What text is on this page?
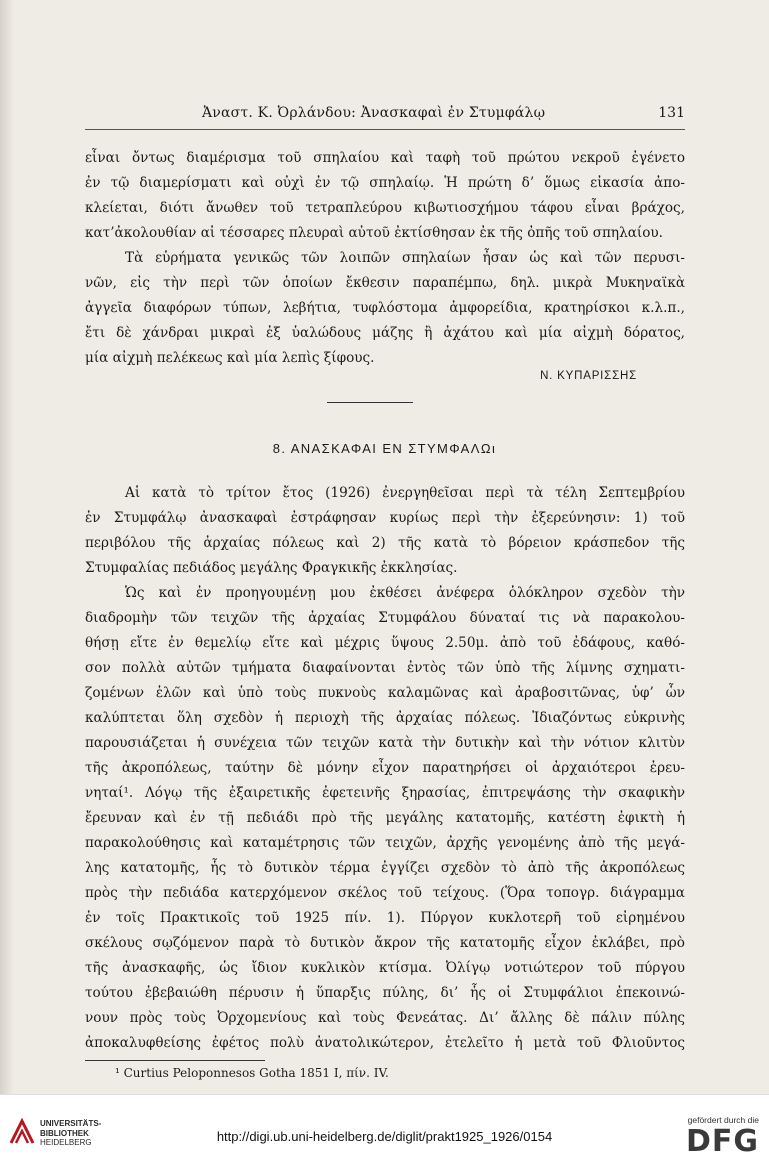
Ἀναστ. Κ. Ὀρλάνδου: Ἀνασκαφαὶ ἐν Στυμφάλῳ	131
εἶναι ὄντως διαμέρισμα τοῦ σπηλαίου καὶ ταφὴ τοῦ πρώτου νεκροῦ ἐγένετο
ἐν τῷ διαμερίσματι καὶ οὐχὶ ἐν τῷ σπηλαίῳ. Ἡ πρώτη δ’ ὅμως εἰκασία ἀπο-
κλείεται, διότι ἄνωθεν τοῦ τετραπλεύρου κιβωτιοσχήμου τάφου εἶναι βράχος,
κατ’ἀκολουθίαν αἱ τέσσαρες πλευραὶ αὐτοῦ ἐκτίσθησαν ἐκ τῆς ὀπῆς τοῦ σπηλαίου.
Τὰ εὑρήματα γενικῶς τῶν λοιπῶν σπηλαίων ἦσαν ὡς καὶ τῶν περυσι-
νῶν, εἰς τὴν περὶ τῶν ὁποίων ἔκθεσιν παραπέμπω, δηλ. μικρὰ Μυκηναϊκὰ
ἀγγεῖα διαφόρων τύπων, λεβήτια, τυφλόστομα ἀμφορείδια, κρατηρίσκοι κ.λ.π.,
ἔτι δὲ χάνδραι μικραὶ ἐξ ὑαλώδους μάζης ἢ ἀχάτου καὶ μία αἰχμὴ δόρατος,
μία αἰχμὴ πελέκεως καὶ μία λεπὶς ξίφους.
Ν. ΚΥΠΑΡΙΣΣΗΣ
8. ΑΝΑΣΚΑΦΑΙ ΕΝ ΣΤΥΜΦΑΛΩι
Αἱ κατὰ τὸ τρίτον ἔτος (1926) ἐνεργηθεῖσαι περὶ τὰ τέλη Σεπτεμβρίου
ἐν Στυμφάλῳ ἀνασκαφαὶ ἐστράφησαν κυρίως περὶ τὴν ἐξερεύνησιν: 1) τοῦ
περιβόλου τῆς ἀρχαίας πόλεως καὶ 2) τῆς κατὰ τὸ βόρειον κράσπεδον τῆς
Στυμφαλίας πεδιάδος μεγάλης Φραγκικῆς ἐκκλησίας.
Ὡς καὶ ἐν προηγουμένῃ μου ἐκθέσει ἀνέφερα ὁλόκληρον σχεδὸν τὴν
διαδρομὴν τῶν τειχῶν τῆς ἀρχαίας Στυμφάλου δύναταί τις νὰ παρακολου-
θήσῃ εἴτε ἐν θεμελίῳ εἴτε καὶ μέχρις ὕψους 2.50μ. ἀπὸ τοῦ ἐδάφους, καθό-
σον πολλὰ αὐτῶν τμήματα διαφαίνονται ἐντὸς τῶν ὑπὸ τῆς λίμνης σχηματι-
ζομένων ἑλῶν καὶ ὑπὸ τοὺς πυκνοὺς καλαμῶνας καὶ ἀραβοσιτῶνας, ὑφ’ ὧν
καλύπτεται ὅλη σχεδὸν ἡ περιοχὴ τῆς ἀρχαίας πόλεως. Ἰδιαζόντως εὐκρινὴς
παρουσιάζεται ἡ συνέχεια τῶν τειχῶν κατὰ τὴν δυτικὴν καὶ τὴν νότιον κλιτὺν
τῆς ἀκροπόλεως, ταύτην δὲ μόνην εἶχον παρατηρήσει οἱ ἀρχαιότεροι ἐρευ-
νηταί¹. Λόγῳ τῆς ἐξαιρετικῆς ἐφετεινῆς ξηρασίας, ἐπιτρεψάσης τὴν σκαφικὴν
ἔρευναν καὶ ἐν τῇ πεδιάδι πρὸ τῆς μεγάλης κατατομῆς, κατέστη ἐφικτὴ ἡ
παρακολούθησις καὶ καταμέτρησις τῶν τειχῶν, ἀρχῆς γενομένης ἀπὸ τῆς μεγά-
λης κατατομῆς, ἧς τὸ δυτικὸν τέρμα ἐγγίζει σχεδὸν τὸ ἀπὸ τῆς ἀκροπόλεως
πρὸς τὴν πεδιάδα κατερχόμενον σκέλος τοῦ τείχους. (Ὅρα τοπογρ. διάγραμμα
ἐν τοῖς Πρακτικοῖς τοῦ 1925 πίν. 1). Πύργον κυκλοτερῆ τοῦ εἰρημένου
σκέλους σῳζόμενον παρὰ τὸ δυτικὸν ἄκρον τῆς κατατομῆς εἶχον ἐκλάβει, πρὸ
τῆς ἀνασκαφῆς, ὡς ἴδιον κυκλικὸν κτίσμα. Ὀλίγῳ νοτιώτερον τοῦ πύργου
τούτου ἐβεβαιώθη πέρυσιν ἡ ὕπαρξις πύλης, δι’ ἧς οἱ Στυμφάλιοι ἐπεκοινώ-
νουν πρὸς τοὺς Ὀρχομενίους καὶ τοὺς Φενεάτας. Δι’ ἄλλης δὲ πάλιν πύλης
ἀποκαλυφθείσης ἐφέτος πολὺ ἀνατολικώτερον, ἐτελεῖτο ἡ μετὰ τοῦ Φλιοῦντος
¹ Curtius Peloponnesos Gotha 1851 I, πίν. IV.
UNIVERSITÄTS-
BIBLIOTHEK
HEIDELBERG	http://digi.ub.uni-heidelberg.de/diglit/prakt1925_1926/0154
gefördert durch die
DFG
